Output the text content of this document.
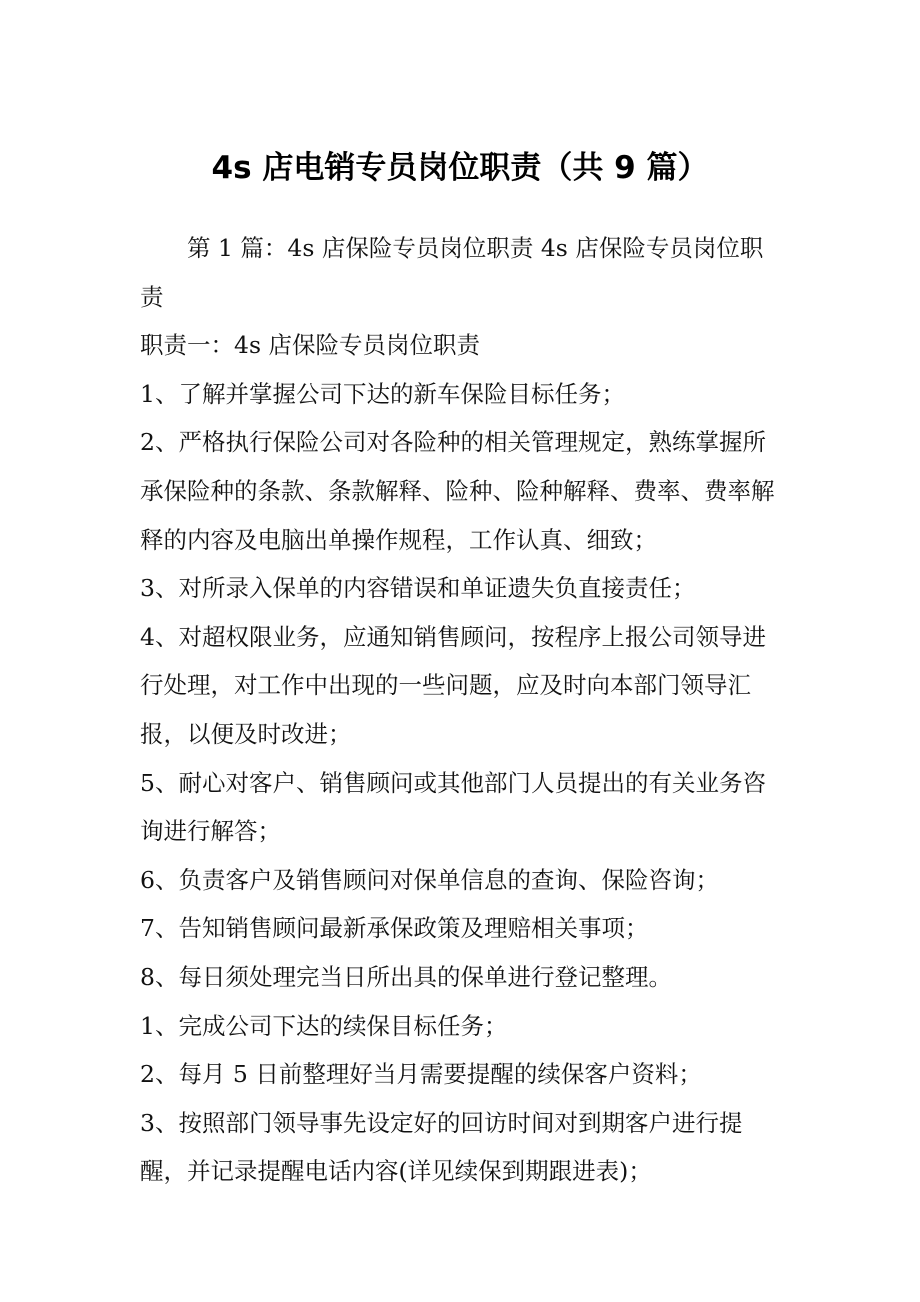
4s 店电销专员岗位职责（共 9 篇）

第 1 篇：4s 店保险专员岗位职责 4s 店保险专员岗位职责

职责一：4s 店保险专员岗位职责

1、了解并掌握公司下达的新车保险目标任务；

2、严格执行保险公司对各险种的相关管理规定，熟练掌握所承保险种的条款、条款解释、险种、险种解释、费率、费率解释的内容及电脑出单操作规程，工作认真、细致；

3、对所录入保单的内容错误和单证遗失负直接责任；

4、对超权限业务，应通知销售顾问，按程序上报公司领导进行处理，对工作中出现的一些问题，应及时向本部门领导汇报，以便及时改进；

5、耐心对客户、销售顾问或其他部门人员提出的有关业务咨询进行解答；

6、负责客户及销售顾问对保单信息的查询、保险咨询；

7、告知销售顾问最新承保政策及理赔相关事项；

8、每日须处理完当日所出具的保单进行登记整理。

1、完成公司下达的续保目标任务；

2、每月 5 日前整理好当月需要提醒的续保客户资料；

3、按照部门领导事先设定好的回访时间对到期客户进行提醒，并记录提醒电话内容(详见续保到期跟进表)；
